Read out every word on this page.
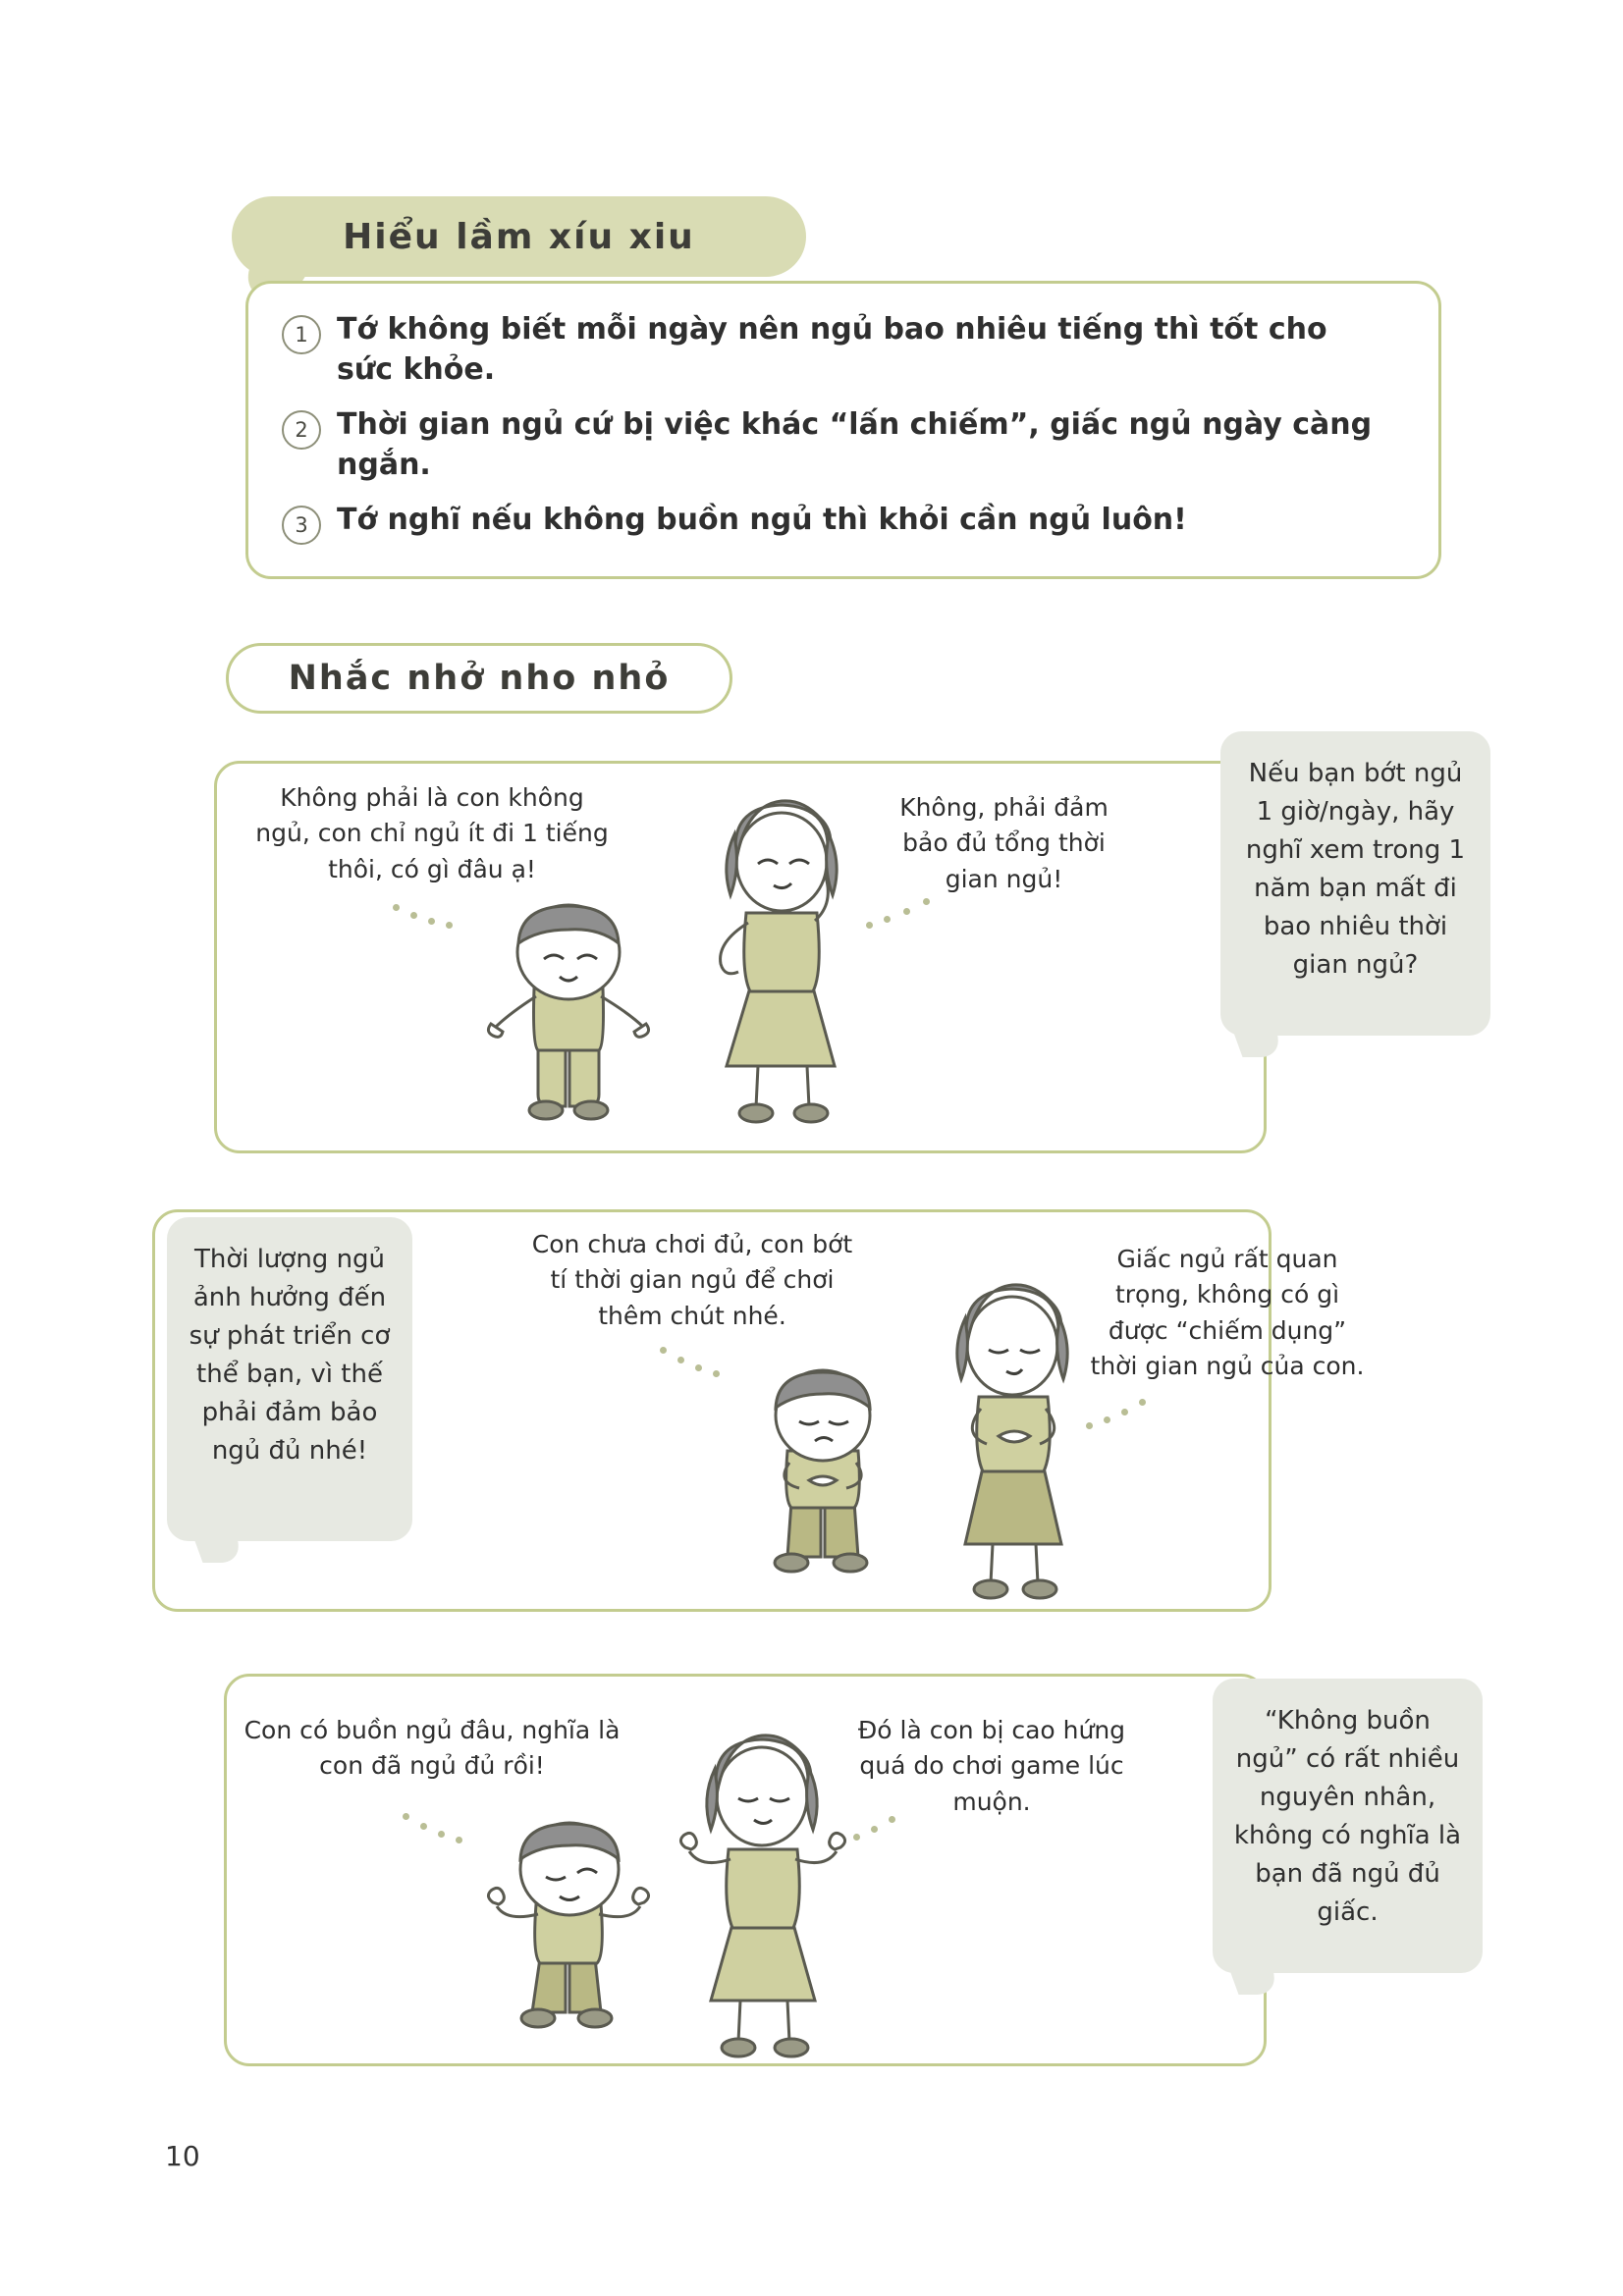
Hiểu lầm xíu xiu
1 Tớ không biết mỗi ngày nên ngủ bao nhiêu tiếng thì tốt cho sức khỏe.
2 Thời gian ngủ cứ bị việc khác “lấn chiếm”, giấc ngủ ngày càng ngắn.
3 Tớ nghĩ nếu không buồn ngủ thì khỏi cần ngủ luôn!
Nhắc nhở nho nhỏ
Không phải là con không ngủ, con chỉ ngủ ít đi 1 tiếng thôi, có gì đâu ạ!
Không, phải đảm bảo đủ tổng thời gian ngủ!
Nếu bạn bớt ngủ 1 giờ/ngày, hãy nghĩ xem trong 1 năm bạn mất đi bao nhiêu thời gian ngủ?
Thời lượng ngủ ảnh hưởng đến sự phát triển cơ thể bạn, vì thế phải đảm bảo ngủ đủ nhé!
Con chưa chơi đủ, con bớt tí thời gian ngủ để chơi thêm chút nhé.
Giấc ngủ rất quan trọng, không có gì được “chiếm dụng” thời gian ngủ của con.
Con có buồn ngủ đâu, nghĩa là con đã ngủ đủ rồi!
Đó là con bị cao hứng quá do chơi game lúc muộn.
“Không buồn ngủ” có rất nhiều nguyên nhân, không có nghĩa là bạn đã ngủ đủ giấc.
10
